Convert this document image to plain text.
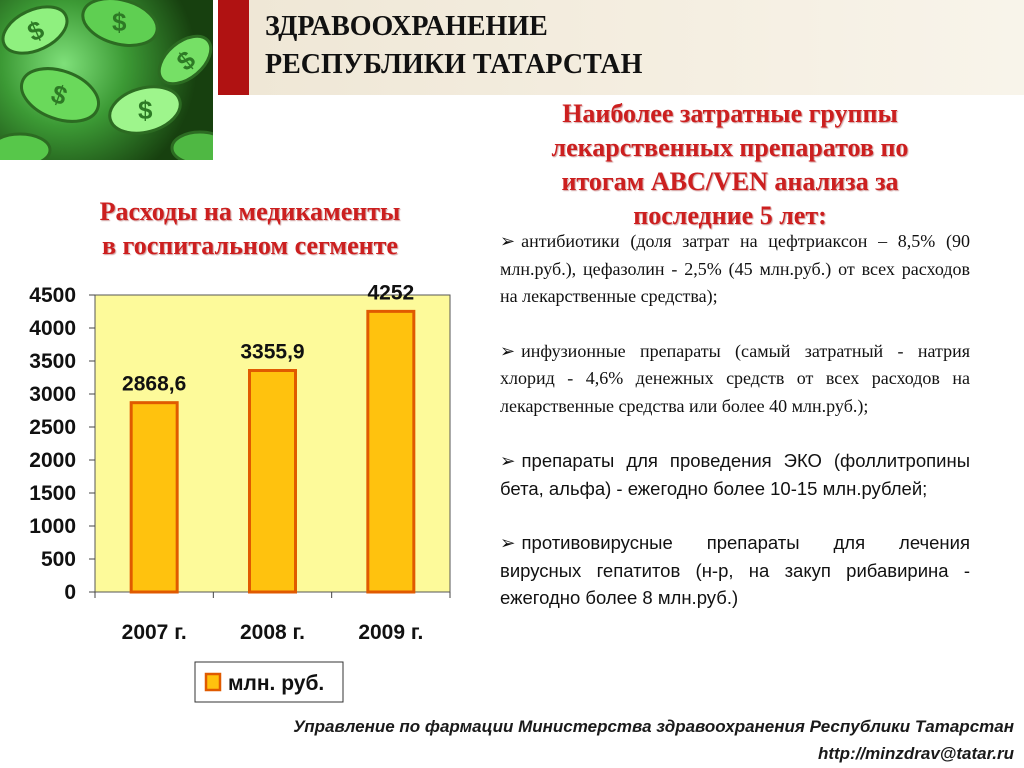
$ $
$	$
$
ЗДРАВООХРАНЕНИЕ
РЕСПУБЛИКИ ТАТАРСТАН
Наиболее затратные группы
лекарственных препаратов по
итогам ABC/VEN анализа за
последние 5 лет:
Расходы на медикаменты
в госпитальном сегменте
0
500
1000
1500
2000
2500
3000
3500
4000
4500
2868,6
2007 г.
3355,9
2008 г.
4252
2009 г.
млн. руб.

➢ антибиотики (доля затрат на цефтриаксон – 8,5% (90 млн.руб.), цефазолин - 2,5% (45 млн.руб.) от всех расходов на лекарственные средства);

➢ инфузионные препараты (самый затратный - натрия хлорид - 4,6% денежных средств от всех расходов на лекарственные средства или более 40 млн.руб.);

➢ препараты для проведения ЭКО (фоллитропины бета, альфа) - ежегодно более 10-15 млн.рублей;

➢ противовирусные препараты для лечения вирусных гепатитов (н-р, на закуп рибавирина - ежегодно более 8 млн.руб.)

Управление по фармации Министерства здравоохранения Республики Татарстан
http://minzdrav@tatar.ru
